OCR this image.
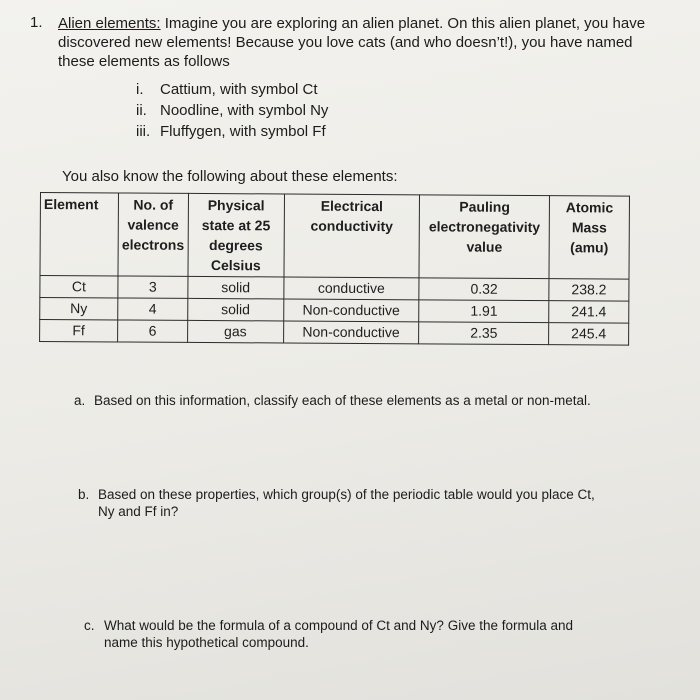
1. Alien elements: Imagine you are exploring an alien planet. On this alien planet, you have
discovered new elements! Because you love cats (and who doesn’t!), you have named
these elements as follows
i. Cattium, with symbol Ct
ii. Noodline, with symbol Ny
iii. Fluffygen, with symbol Ff
You also know the following about these elements:
Element	No. of valence electrons	Physical state at 25 degrees Celsius	Electrical conductivity	Pauling electronegativity value	Atomic Mass (amu)
Ct	3	solid	conductive	0.32	238.2
Ny	4	solid	Non-conductive	1.91	241.4
Ff	6	gas	Non-conductive	2.35	245.4
a. Based on this information, classify each of these elements as a metal or non-metal.
b. Based on these properties, which group(s) of the periodic table would you place Ct,
Ny and Ff in?
c. What would be the formula of a compound of Ct and Ny? Give the formula and
name this hypothetical compound.
